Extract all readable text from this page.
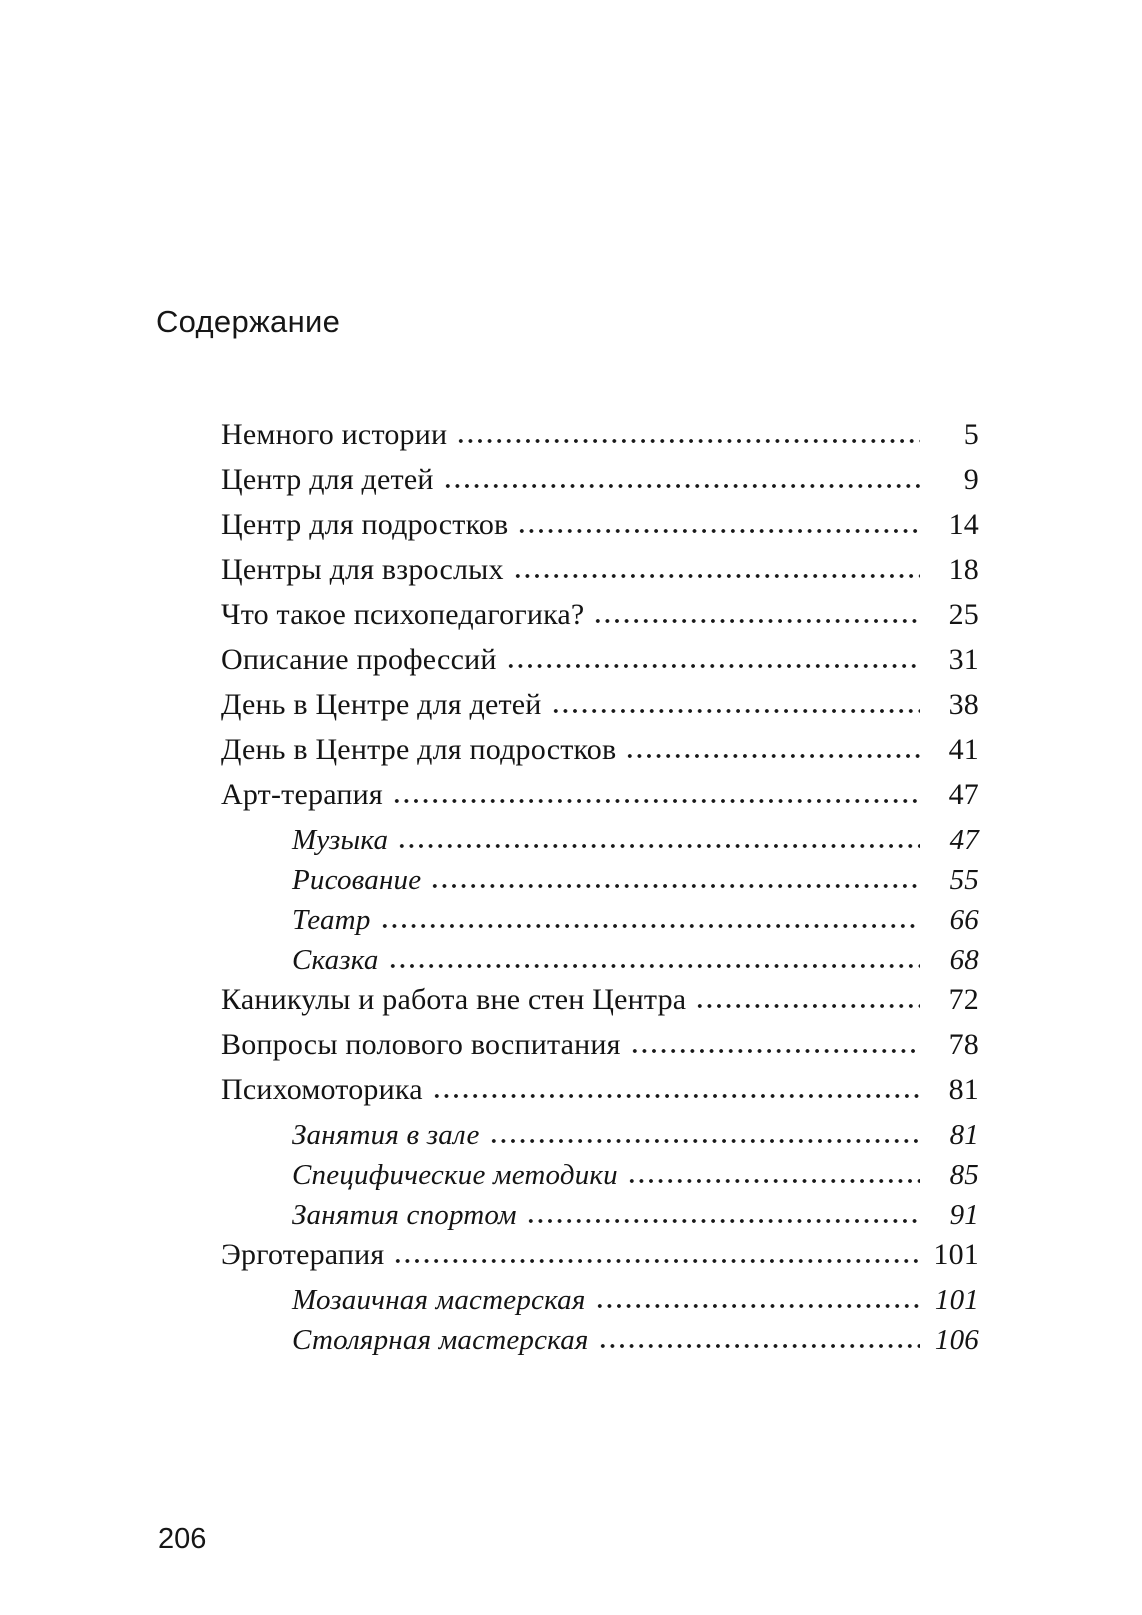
Содержание
Немного истории	5
Центр для детей	9
Центр для подростков	14
Центры для взрослых	18
Что такое психопедагогика?	25
Описание профессий	31
День в Центре для детей	38
День в Центре для подростков	41
Арт-терапия	47
Музыка	47
Рисование	55
Театр	66
Сказка	68
Каникулы и работа вне стен Центра	72
Вопросы полового воспитания	78
Психомоторика	81
Занятия в зале	81
Специфические методики	85
Занятия спортом	91
Эрготерапия	101
Мозаичная мастерская	101
Столярная мастерская	106
206
